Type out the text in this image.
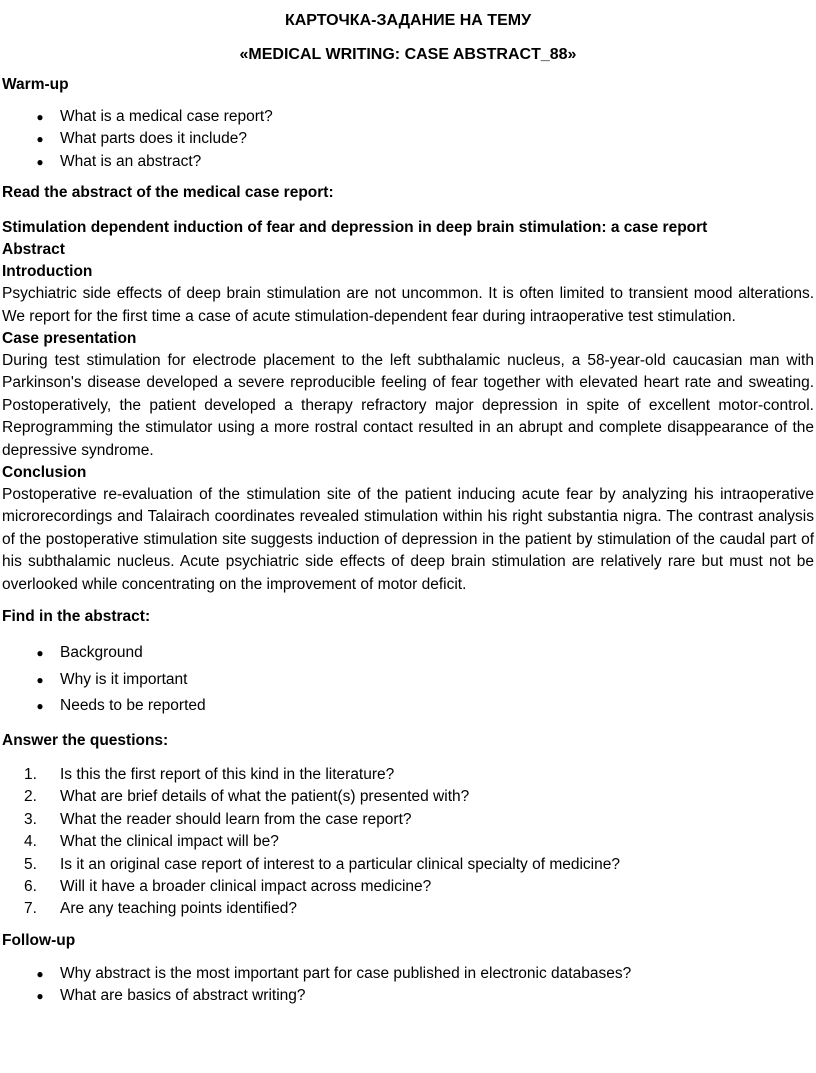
КАРТОЧКА-ЗАДАНИЕ НА ТЕМУ

«MEDICAL WRITING: CASE ABSTRACT_88»

Warm-up

● What is a medical case report?
● What parts does it include?
● What is an abstract?

Read the abstract of the medical case report:

Stimulation dependent induction of fear and depression in deep brain stimulation: a case report

Abstract

Introduction

Psychiatric side effects of deep brain stimulation are not uncommon. It is often limited to transient mood alterations. We report for the first time a case of acute stimulation-dependent fear during intraoperative test stimulation.

Case presentation

During test stimulation for electrode placement to the left subthalamic nucleus, a 58-year-old caucasian man with Parkinson's disease developed a severe reproducible feeling of fear together with elevated heart rate and sweating. Postoperatively, the patient developed a therapy refractory major depression in spite of excellent motor-control. Reprogramming the stimulator using a more rostral contact resulted in an abrupt and complete disappearance of the depressive syndrome.

Conclusion

Postoperative re-evaluation of the stimulation site of the patient inducing acute fear by analyzing his intraoperative microrecordings and Talairach coordinates revealed stimulation within his right substantia nigra. The contrast analysis of the postoperative stimulation site suggests induction of depression in the patient by stimulation of the caudal part of his subthalamic nucleus. Acute psychiatric side effects of deep brain stimulation are relatively rare but must not be overlooked while concentrating on the improvement of motor deficit.

Find in the abstract:

● Background
● Why is it important
● Needs to be reported

Answer the questions:

1.	Is this the first report of this kind in the literature?
2.	What are brief details of what the patient(s) presented with?
3.	What the reader should learn from the case report?
4.	What the clinical impact will be?
5.	Is it an original case report of interest to a particular clinical specialty of medicine?
6.	Will it have a broader clinical impact across medicine?
7.	Are any teaching points identified?

Follow-up

● Why abstract is the most important part for case published in electronic databases?
● What are basics of abstract writing?
